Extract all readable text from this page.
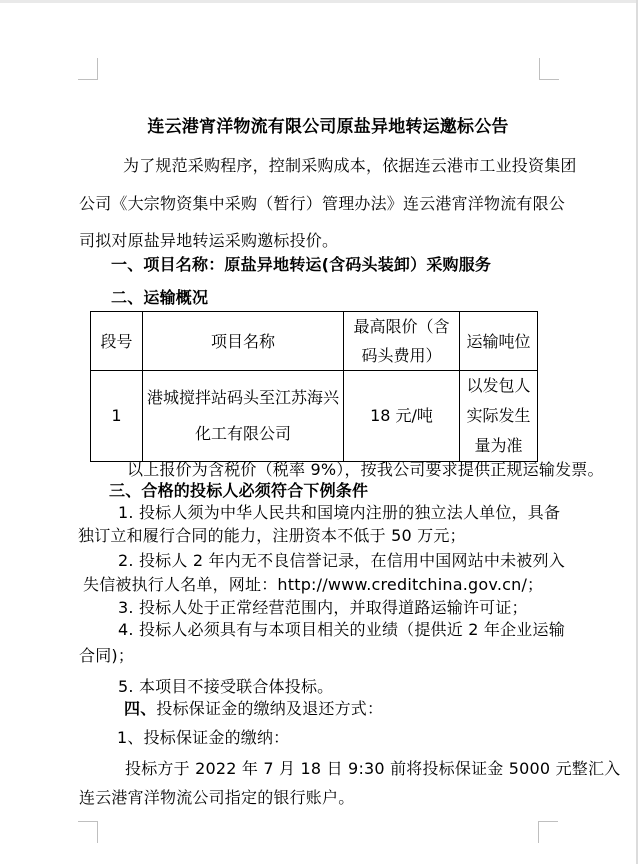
连云港宵洋物流有限公司原盐异地转运邀标公告
为了规范采购程序，控制采购成本，依据连云港市工业投资集团
公司《大宗物资集中采购（暂行）管理办法》连云港宵洋物流有限公
司拟对原盐异地转运采购邀标投价。
一、项目名称：原盐异地转运(含码头装卸）采购服务
二、运输概况
以上报价为含税价（税率 9%），按我公司要求提供正规运输发票。
三、合格的投标人必须符合下例条件
1. 投标人须为中华人民共和国境内注册的独立法人单位，具备
独订立和履行合同的能力，注册资本不低于 50 万元；
2. 投标人 2 年内无不良信誉记录，在信用中国网站中未被列入
失信被执行人名单，网址：http://www.creditchina.gov.cn/；
3. 投标人处于正常经营范围内，并取得道路运输许可证；
4. 投标人必须具有与本项目相关的业绩（提供近 2 年企业运输
合同)；
5. 本项目不接受联合体投标。
四、投标保证金的缴纳及退还方式：
1、投标保证金的缴纳：
投标方于 2022 年 7 月 18 日 9:30 前将投标保证金 5000 元整汇入
连云港宵洋物流公司指定的银行账户。
段号	项目名称	最高限价（含码头费用）	运输吨位
1	港城搅拌站码头至江苏海兴化工有限公司	18 元/吨	以发包人实际发生量为准
